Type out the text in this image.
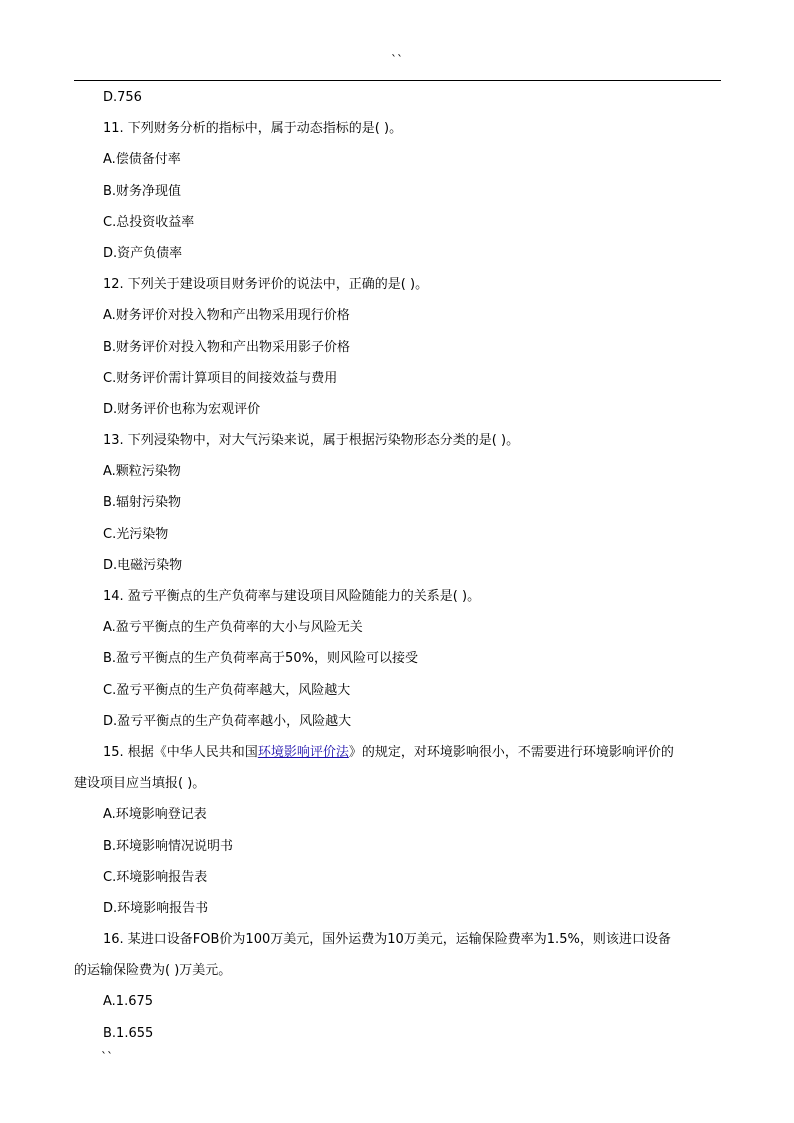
``
D.756
11. 下列财务分析的指标中，属于动态指标的是( )。
A.偿债备付率
B.财务净现值
C.总投资收益率
D.资产负债率
12. 下列关于建设项目财务评价的说法中，正确的是( )。
A.财务评价对投入物和产出物采用现行价格
B.财务评价对投入物和产出物采用影子价格
C.财务评价需计算项目的间接效益与费用
D.财务评价也称为宏观评价
13. 下列浸染物中，对大气污染来说，属于根据污染物形态分类的是( )。
A.颗粒污染物
B.辐射污染物
C.光污染物
D.电磁污染物
14. 盈亏平衡点的生产负荷率与建设项目风险随能力的关系是( )。
A.盈亏平衡点的生产负荷率的大小与风险无关
B.盈亏平衡点的生产负荷率高于50%，则风险可以接受
C.盈亏平衡点的生产负荷率越大，风险越大
D.盈亏平衡点的生产负荷率越小，风险越大
15. 根据《中华人民共和国环境影响评价法》的规定，对环境影响很小，不需要进行环境影响评价的
建设项目应当填报( )。
A.环境影响登记表
B.环境影响情况说明书
C.环境影响报告表
D.环境影响报告书
16. 某进口设备FOB价为100万美元，国外运费为10万美元，运输保险费率为1.5%，则该进口设备
的运输保险费为( )万美元。
A.1.675
B.1.655
``
